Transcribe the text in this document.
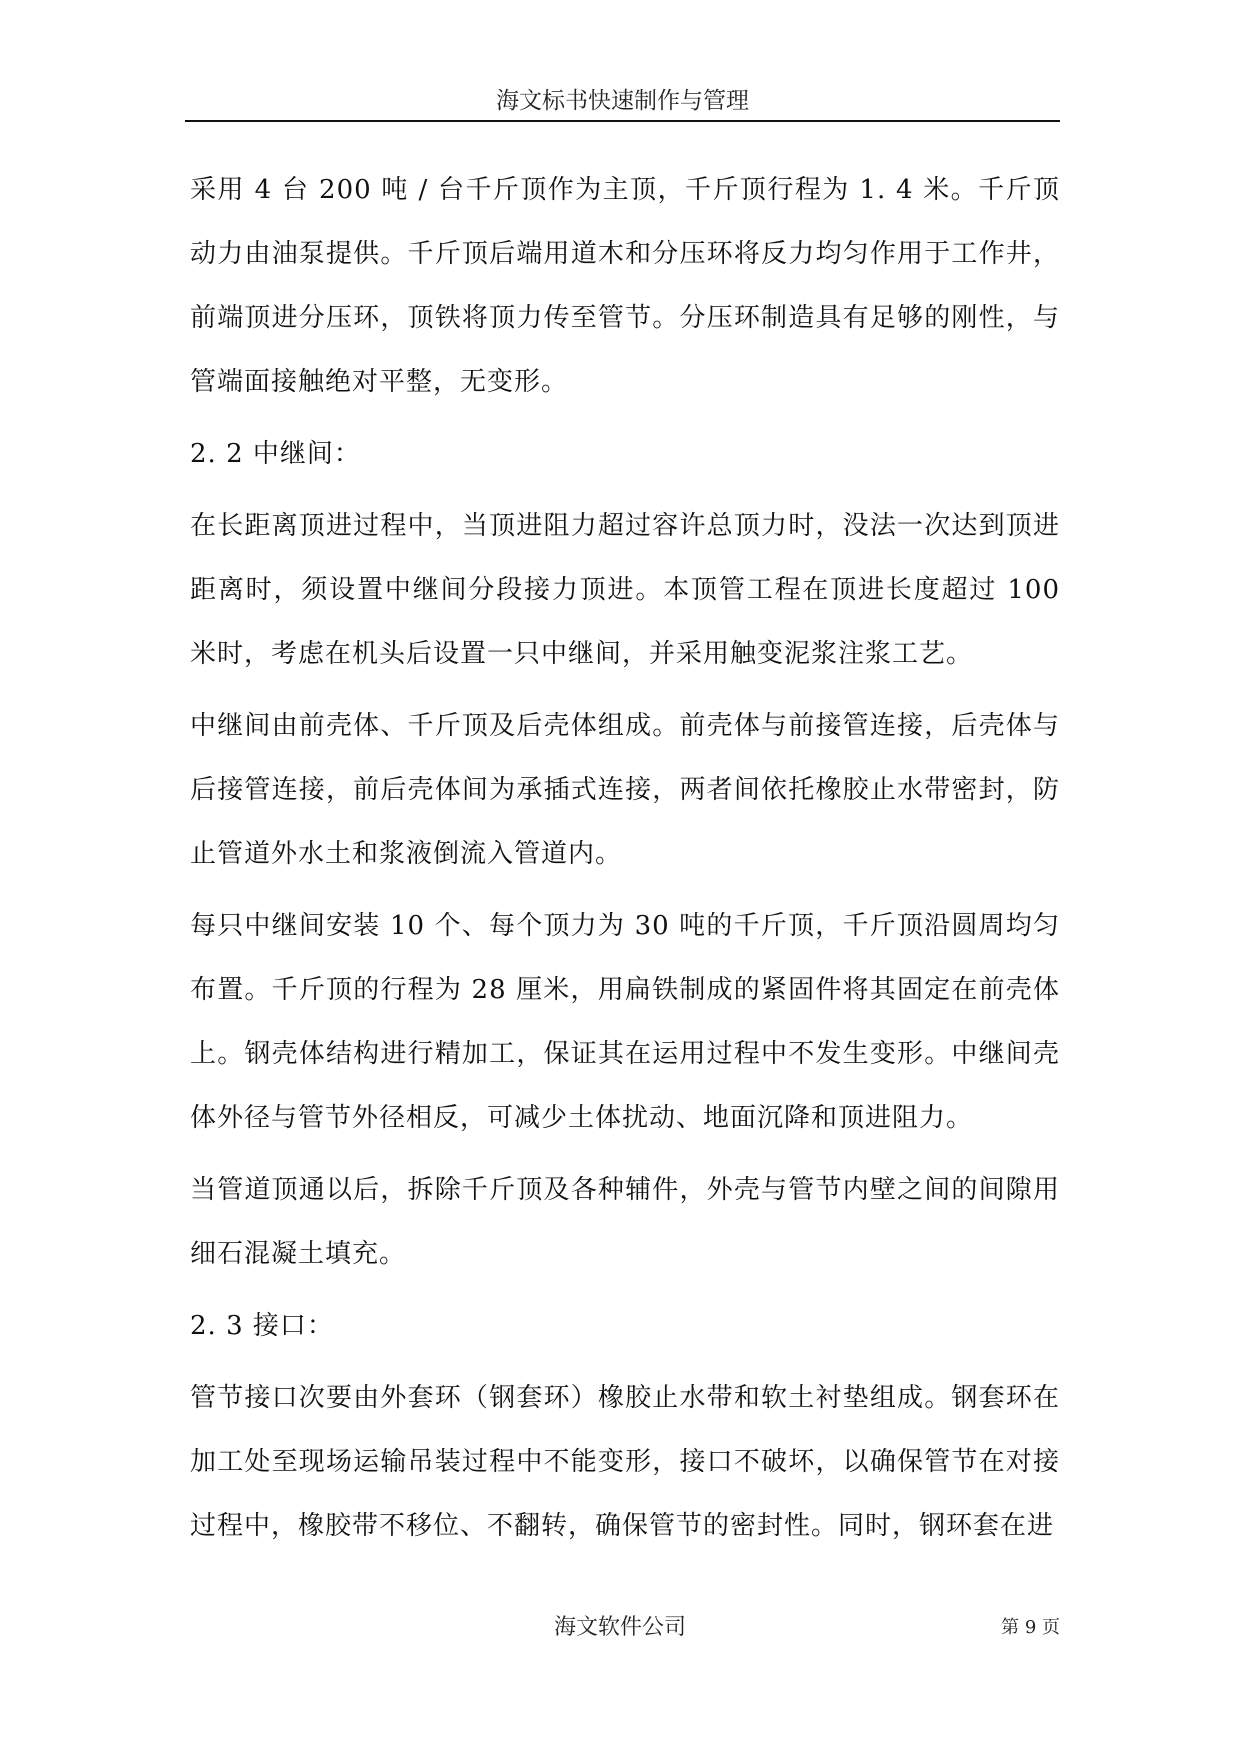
海文标书快速制作与管理

采用 4 台 200 吨 / 台千斤顶作为主顶，千斤顶行程为 1. 4 米。千斤顶动力由油泵提供。千斤顶后端用道木和分压环将反力均匀作用于工作井，前端顶进分压环，顶铁将顶力传至管节。分压环制造具有足够的刚性，与管端面接触绝对平整，无变形。

2. 2 中继间：

在长距离顶进过程中，当顶进阻力超过容许总顶力时，没法一次达到顶进距离时，须设置中继间分段接力顶进。本顶管工程在顶进长度超过 100 米时，考虑在机头后设置一只中继间，并采用触变泥浆注浆工艺。

中继间由前壳体、千斤顶及后壳体组成。前壳体与前接管连接，后壳体与后接管连接，前后壳体间为承插式连接，两者间依托橡胶止水带密封，防止管道外水土和浆液倒流入管道内。

每只中继间安装 10 个、每个顶力为 30 吨的千斤顶，千斤顶沿圆周均匀布置。千斤顶的行程为 28 厘米，用扁铁制成的紧固件将其固定在前壳体上。钢壳体结构进行精加工，保证其在运用过程中不发生变形。中继间壳体外径与管节外径相反，可减少土体扰动、地面沉降和顶进阻力。

当管道顶通以后，拆除千斤顶及各种辅件，外壳与管节内壁之间的间隙用细石混凝土填充。

2. 3 接口：

管节接口次要由外套环（钢套环）橡胶止水带和软土衬垫组成。钢套环在加工处至现场运输吊装过程中不能变形，接口不破坏，以确保管节在对接过程中，橡胶带不移位、不翻转，确保管节的密封性。同时，钢环套在进

海文软件公司	第 9 页
